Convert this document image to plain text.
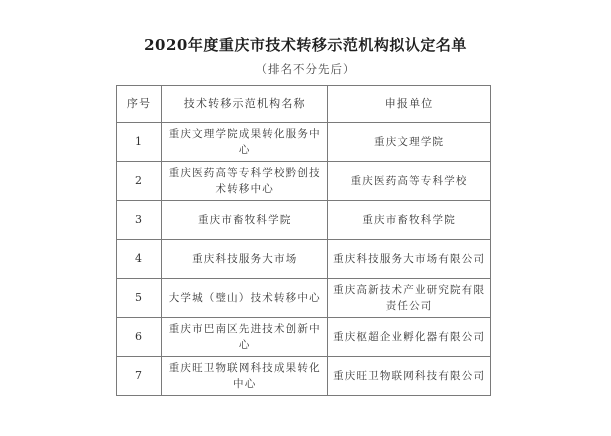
2020年度重庆市技术转移示范机构拟认定名单
（排名不分先后）
序号	技术转移示范机构名称	申报单位
1	重庆文理学院成果转化服务中心	重庆文理学院
2	重庆医药高等专科学校黔创技术转移中心	重庆医药高等专科学校
3	重庆市畜牧科学院	重庆市畜牧科学院
4	重庆科技服务大市场	重庆科技服务大市场有限公司
5	大学城（璧山）技术转移中心	重庆高新技术产业研究院有限责任公司
6	重庆市巴南区先进技术创新中心	重庆枢超企业孵化器有限公司
7	重庆旺卫物联网科技成果转化中心	重庆旺卫物联网科技有限公司
